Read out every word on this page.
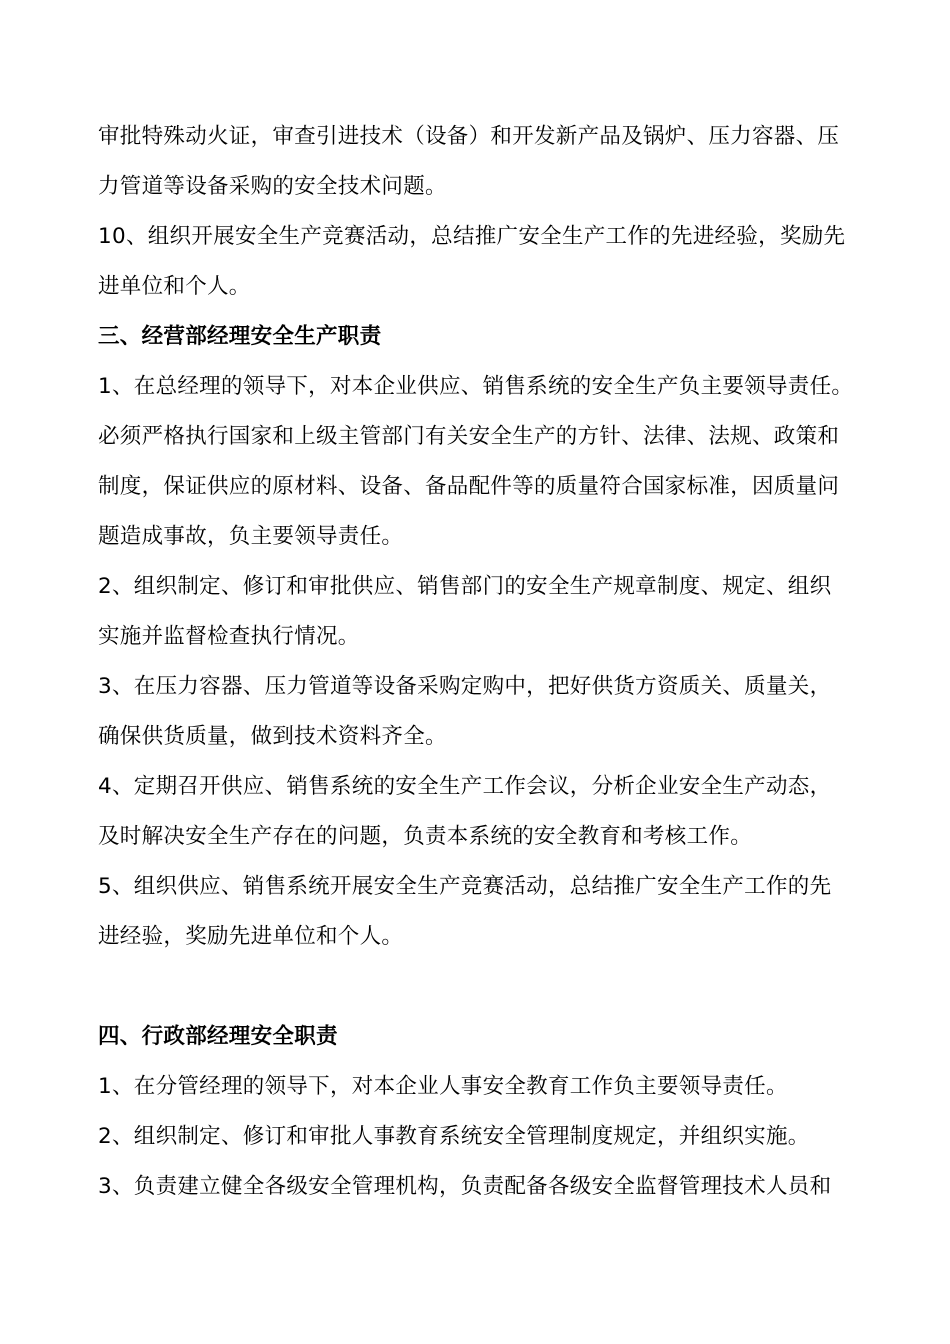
审批特殊动火证，审查引进技术（设备）和开发新产品及锅炉、压力容器、压
力管道等设备采购的安全技术问题。
10、组织开展安全生产竞赛活动，总结推广安全生产工作的先进经验，奖励先
进单位和个人。
三、经营部经理安全生产职责
1、在总经理的领导下，对本企业供应、销售系统的安全生产负主要领导责任。
必须严格执行国家和上级主管部门有关安全生产的方针、法律、法规、政策和
制度，保证供应的原材料、设备、备品配件等的质量符合国家标准，因质量问
题造成事故，负主要领导责任。
2、组织制定、修订和审批供应、销售部门的安全生产规章制度、规定、组织
实施并监督检查执行情况。
3、在压力容器、压力管道等设备采购定购中，把好供货方资质关、质量关，
确保供货质量，做到技术资料齐全。
4、定期召开供应、销售系统的安全生产工作会议，分析企业安全生产动态，
及时解决安全生产存在的问题，负责本系统的安全教育和考核工作。
5、组织供应、销售系统开展安全生产竞赛活动，总结推广安全生产工作的先
进经验，奖励先进单位和个人。
四、行政部经理安全职责
1、在分管经理的领导下，对本企业人事安全教育工作负主要领导责任。
2、组织制定、修订和审批人事教育系统安全管理制度规定，并组织实施。
3、负责建立健全各级安全管理机构，负责配备各级安全监督管理技术人员和
